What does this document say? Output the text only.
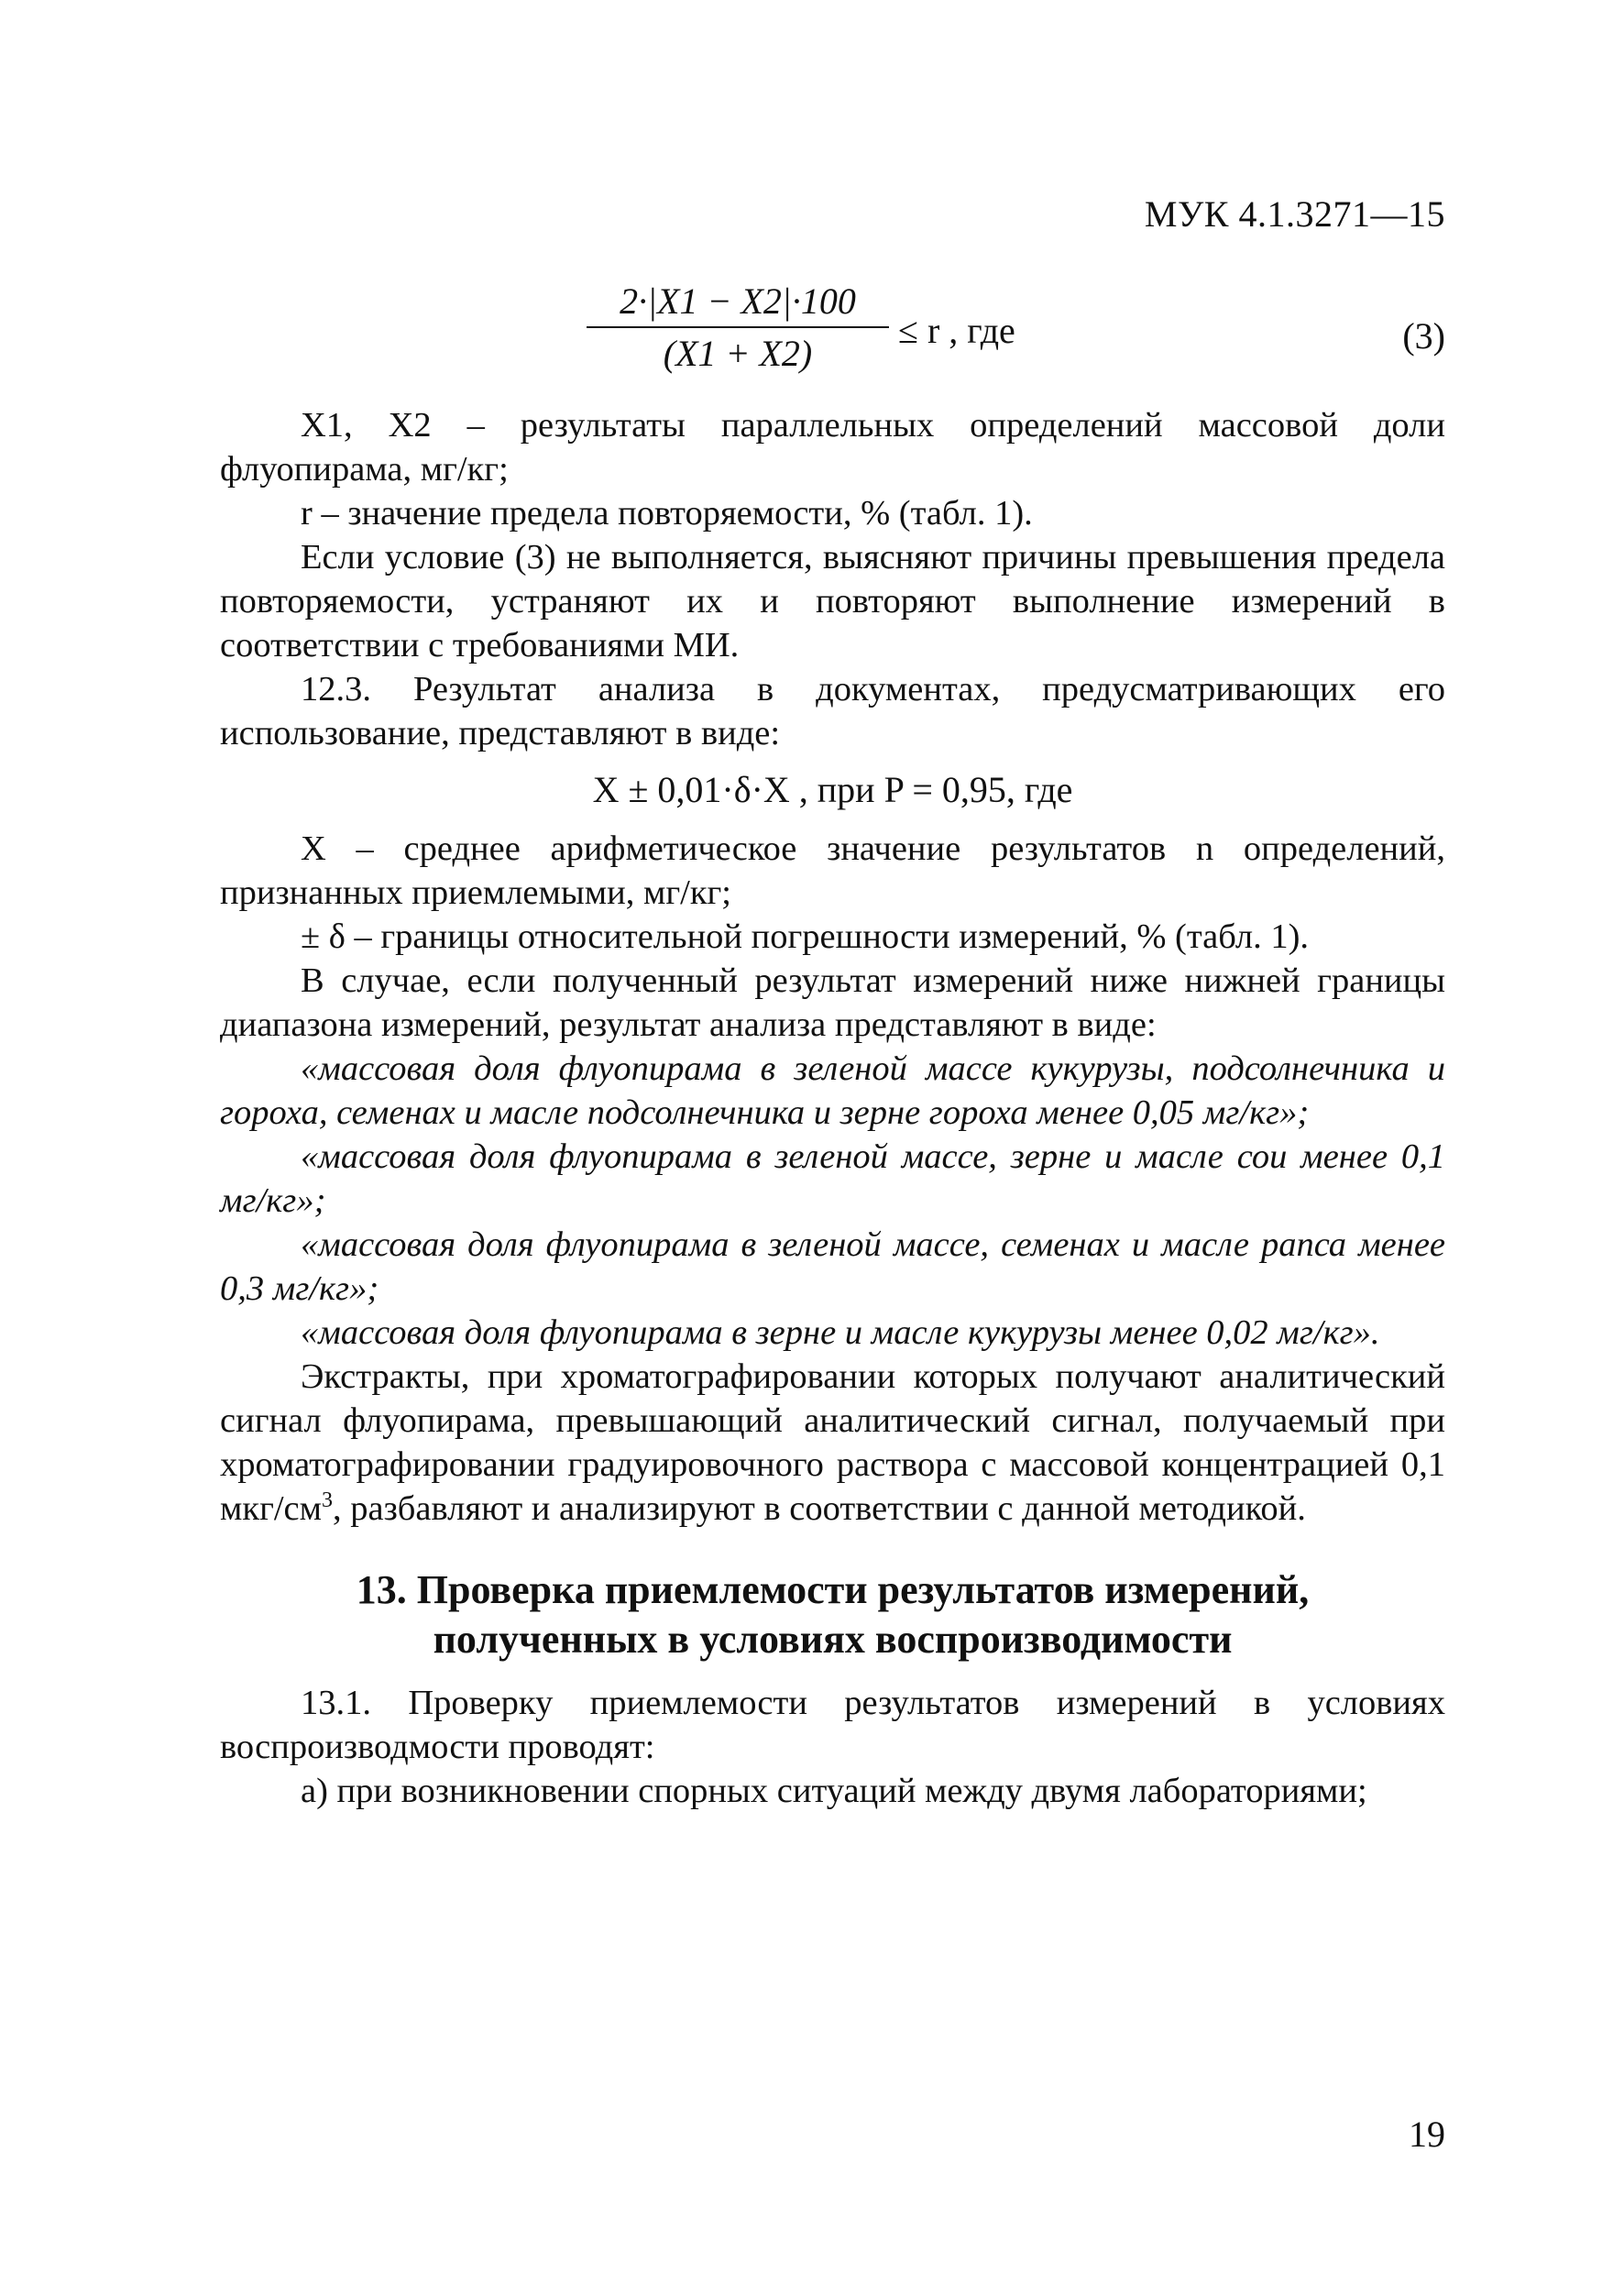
МУК 4.1.3271—15
$\frac{2\cdot|X1 - X2|\cdot 100}{(X1 + X2)} \le r$ , где	(3)

X1, X2 – результаты параллельных определений массовой доли флуопирама, мг/кг;

r – значение предела повторяемости, % (табл. 1).

Если условие (3) не выполняется, выясняют причины превышения предела повторяемости, устраняют их и повторяют выполнение измерений в соответствии с требованиями МИ.

12.3. Результат анализа в документах, предусматривающих его использование, представляют в виде:

X ± 0,01·δ·X , при P = 0,95, где

X – среднее арифметическое значение результатов n определений, признанных приемлемыми, мг/кг;

± δ – границы относительной погрешности измерений, % (табл. 1).

В случае, если полученный результат измерений ниже нижней границы диапазона измерений, результат анализа представляют в виде:

«массовая доля флуопирама в зеленой массе кукурузы, подсолнечника и гороха, семенах и масле подсолнечника и зерне гороха менее 0,05 мг/кг»;

«массовая доля флуопирама в зеленой массе, зерне и масле сои менее 0,1 мг/кг»;

«массовая доля флуопирама в зеленой массе, семенах и масле рапса менее 0,3 мг/кг»;

«массовая доля флуопирама в зерне и масле кукурузы менее 0,02 мг/кг».

Экстракты, при хроматографировании которых получают аналитический сигнал флуопирама, превышающий аналитический сигнал, получаемый при хроматографировании градуировочного раствора с массовой концентрацией 0,1 мкг/$см^3$, разбавляют и анализируют в соответствии с данной методикой.

13. Проверка приемлемости результатов измерений,
полученных в условиях воспроизводимости

13.1. Проверку приемлемости результатов измерений в условиях воспроизводмости проводят:

а) при возникновении спорных ситуаций между двумя лабораториями;

19
